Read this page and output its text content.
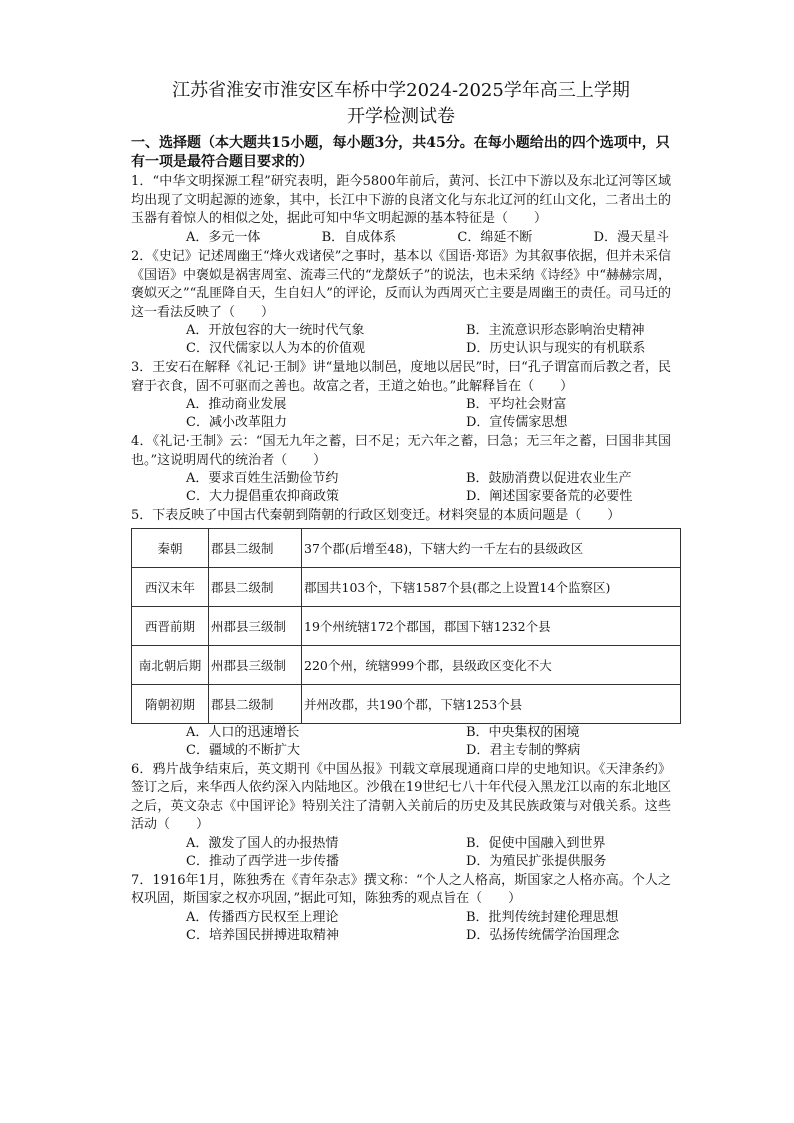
江苏省淮安市淮安区车桥中学2024-2025学年高三上学期
开学检测试卷
一、选择题（本大题共15小题，每小题3分，共45分。在每小题给出的四个选项中，只有一项是最符合题目要求的）
1．“中华文明探源工程”研究表明，距今5800年前后，黄河、长江中下游以及东北辽河等区域均出现了文明起源的迹象，其中，长江中下游的良渚文化与东北辽河的红山文化，二者出土的玉器有着惊人的相似之处，据此可知中华文明起源的基本特征是（　　）
A．多元一体	B．自成体系	C．绵延不断	D．漫天星斗
2．《史记》记述周幽王“烽火戏诸侯”之事时，基本以《国语·郑语》为其叙事依据，但并未采信《国语》中褒姒是祸害周室、流毒三代的“龙漦妖子”的说法，也未采纳《诗经》中“赫赫宗周，褒姒灭之”“乱匪降自天，生自妇人”的评论，反而认为西周灭亡主要是周幽王的责任。司马迁的这一看法反映了（　　）
A．开放包容的大一统时代气象	B．主流意识形态影响治史精神
C．汉代儒家以人为本的价值观	D．历史认识与现实的有机联系
3．王安石在解释《礼记·王制》讲“量地以制邑，度地以居民”时，曰“孔子谓富而后教之者，民窘于衣食，固不可驱而之善也。故富之者，王道之始也。”此解释旨在（　　）
A．推动商业发展	B．平均社会财富
C．减小改革阻力	D．宣传儒家思想
4．《礼记·王制》云：“国无九年之蓄，曰不足；无六年之蓄，曰急；无三年之蓄，曰国非其国也。”这说明周代的统治者（　　）
A．要求百姓生活勤俭节约	B．鼓励消费以促进农业生产
C．大力提倡重农抑商政策	D．阐述国家要备荒的必要性
5．下表反映了中国古代秦朝到隋朝的行政区划变迁。材料突显的本质问题是（　　）
秦朝	郡县二级制	37个郡(后增至48)，下辖大约一千左右的县级政区
西汉末年	郡县二级制	郡国共103个，下辖1587个县(郡之上设置14个监察区)
西晋前期	州郡县三级制	19个州统辖172个郡国，郡国下辖1232个县
南北朝后期	州郡县三级制	220个州，统辖999个郡，县级政区变化不大
隋朝初期	郡县二级制	并州改郡，共190个郡，下辖1253个县
A．人口的迅速增长	B．中央集权的困境
C．疆域的不断扩大	D．君主专制的弊病
6．鸦片战争结束后，英文期刊《中国丛报》刊载文章展现通商口岸的史地知识。《天津条约》签订之后，来华西人依约深入内陆地区。沙俄在19世纪七八十年代侵入黑龙江以南的东北地区之后，英文杂志《中国评论》特别关注了清朝入关前后的历史及其民族政策与对俄关系。这些活动（　　）
A．激发了国人的办报热情	B．促使中国融入到世界
C．推动了西学进一步传播	D．为殖民扩张提供服务
7．1916年1月，陈独秀在《青年杂志》撰文称：“个人之人格高，斯国家之人格亦高。个人之权巩固，斯国家之权亦巩固，”据此可知，陈独秀的观点旨在（　　）
A．传播西方民权至上理论	B．批判传统封建伦理思想
C．培养国民拼搏进取精神	D．弘扬传统儒学治国理念
